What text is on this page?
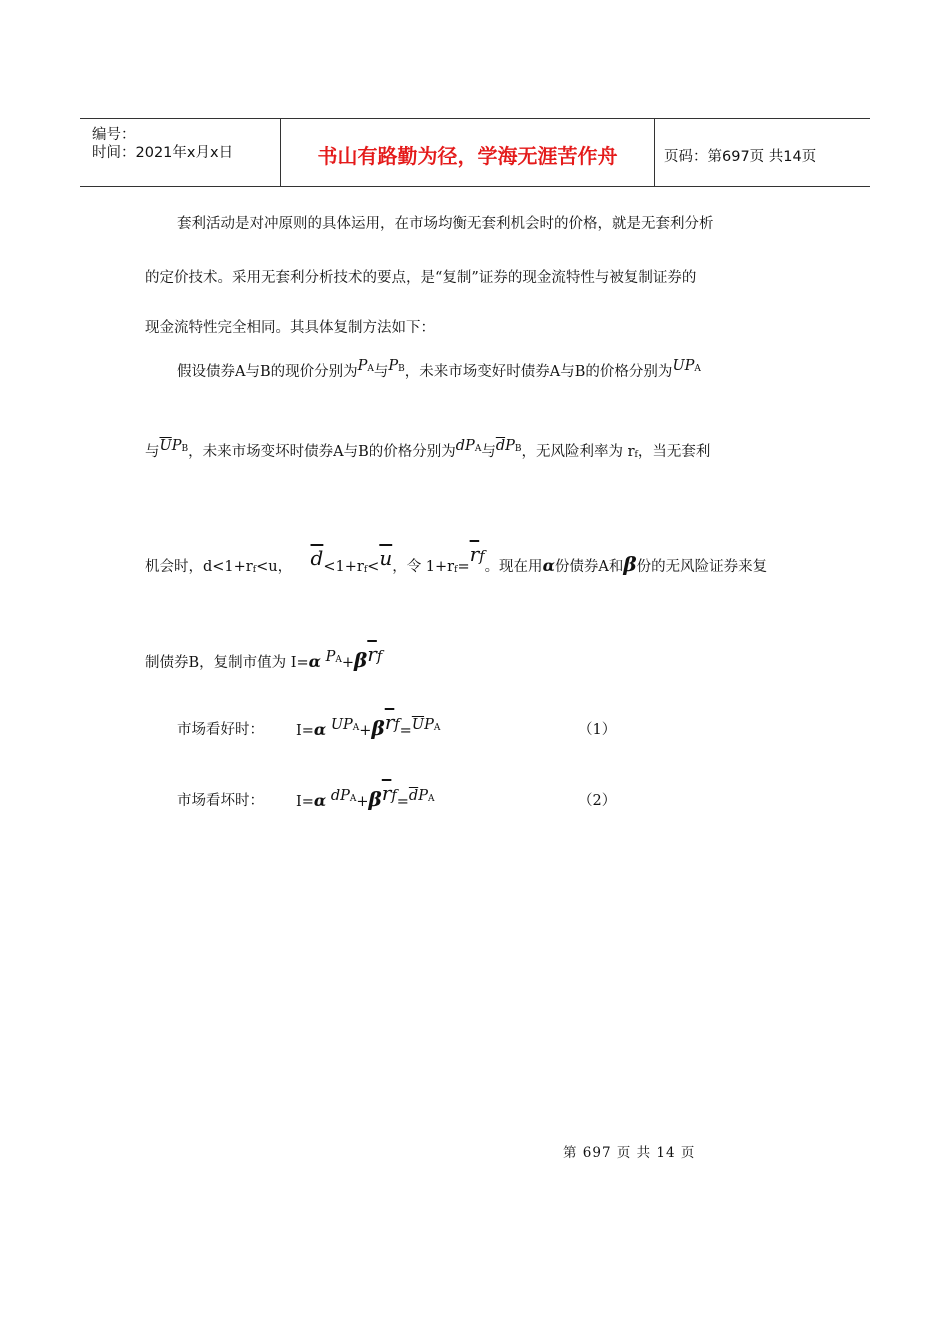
编号：
时间：2021年x月x日	书山有路勤为径，学海无涯苦作舟	页码：第697页 共14页
套利活动是对冲原则的具体运用，在市场均衡无套利机会时的价格，就是无套利分析
的定价技术。采用无套利分析技术的要点，是“复制”证券的现金流特性与被复制证券的
现金流特性完全相同。其具体复制方法如下：
假设债券A与B的现价分别为PA与PB，未来市场变好时债券A与B的价格分别为UPA
与$\overline{U}PB$，未来市场变坏时债券A与B的价格分别为dPA与$\overline{d}PB$，无风险利率为 rf，当无套利
机会时，d<1+rf<u， $\overline{d}<1+rf<\overline{u}$，令 $1+rf=\overline{r}f$。现在用α份债券A和β份的无风险证券来复
制债券B，复制市值为 I=α $PA+\beta\overline{r}f$
市场看好时： I=α $UPA+\beta\overline{r}f=\overline{U}PA$	（1）
市场看坏时： I=α $dPA+\beta\overline{r}f=\overline{d}PA$	（2）
第 697 页 共 14 页
